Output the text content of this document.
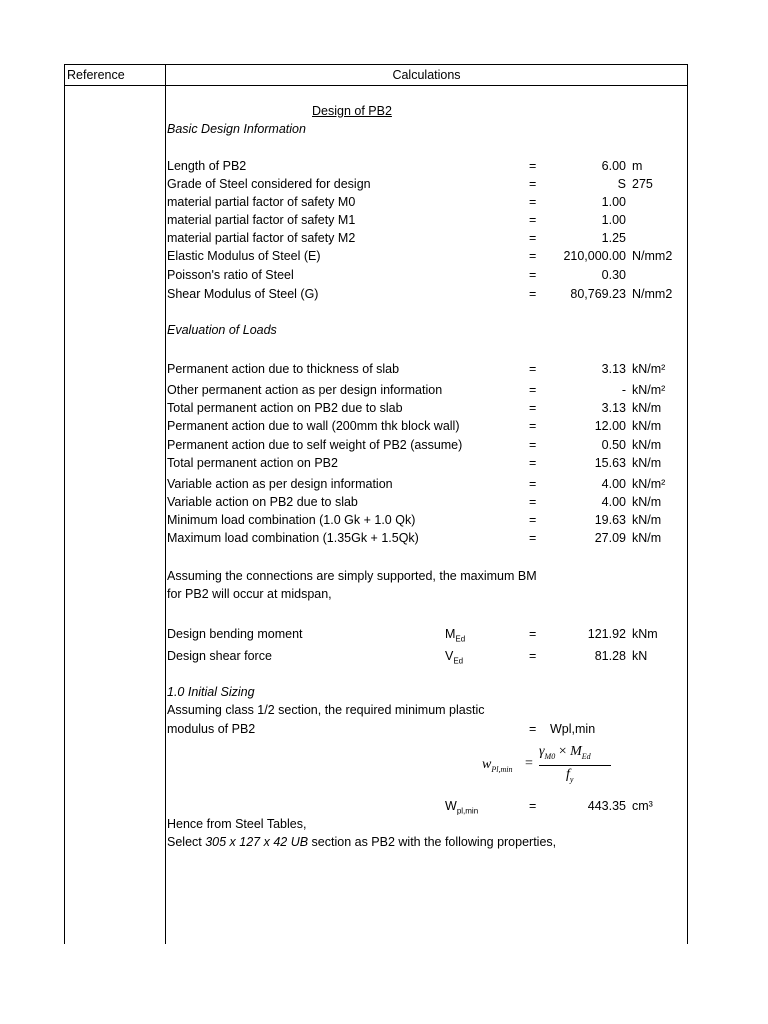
Reference	Calculations
Design of PB2
Basic Design Information
Length of PB2	=	6.00 m
Grade of Steel considered for design	=	S 275
material partial factor of safety M0	=	1.00
material partial factor of safety M1	=	1.00
material partial factor of safety M2	=	1.25
Elastic Modulus of Steel (E)	=	210,000.00 N/mm2
Poisson's ratio of Steel	=	0.30
Shear Modulus of Steel (G)	=	80,769.23 N/mm2
Evaluation of Loads
Permanent action due to thickness of slab	=	3.13 kN/m²
Other permanent action as per design information	=	- kN/m²
Total permanent action on PB2 due to slab	=	3.13 kN/m
Permanent action due to wall (200mm thk block wall)	=	12.00 kN/m
Permanent action due to self weight of PB2 (assume)	=	0.50 kN/m
Total permanent action on PB2	=	15.63 kN/m
Variable action as per design information	=	4.00 kN/m²
Variable action on PB2 due to slab	=	4.00 kN/m
Minimum load combination (1.0 Gk + 1.0 Qk)	=	19.63 kN/m
Maximum load combination (1.35Gk + 1.5Qk)	=	27.09 kN/m
Assuming the connections are simply supported, the maximum BM
for PB2 will occur at midspan,
Design bending moment	$M_{Ed}$	=	121.92 kNm
Design shear force	$V_{Ed}$	=	81.28 kN
1.0 Initial Sizing
Assuming class 1/2 section, the required minimum plastic
modulus of PB2	= Wpl,min
$w_{Pl,min}$ =
$\gamma_{M0} \times M_{Ed}$
$f_y$
$W_{pl,min}$	=	443.35 cm³
Hence from Steel Tables,
Select 305 x 127 x 42 UB section as PB2 with the following properties,
